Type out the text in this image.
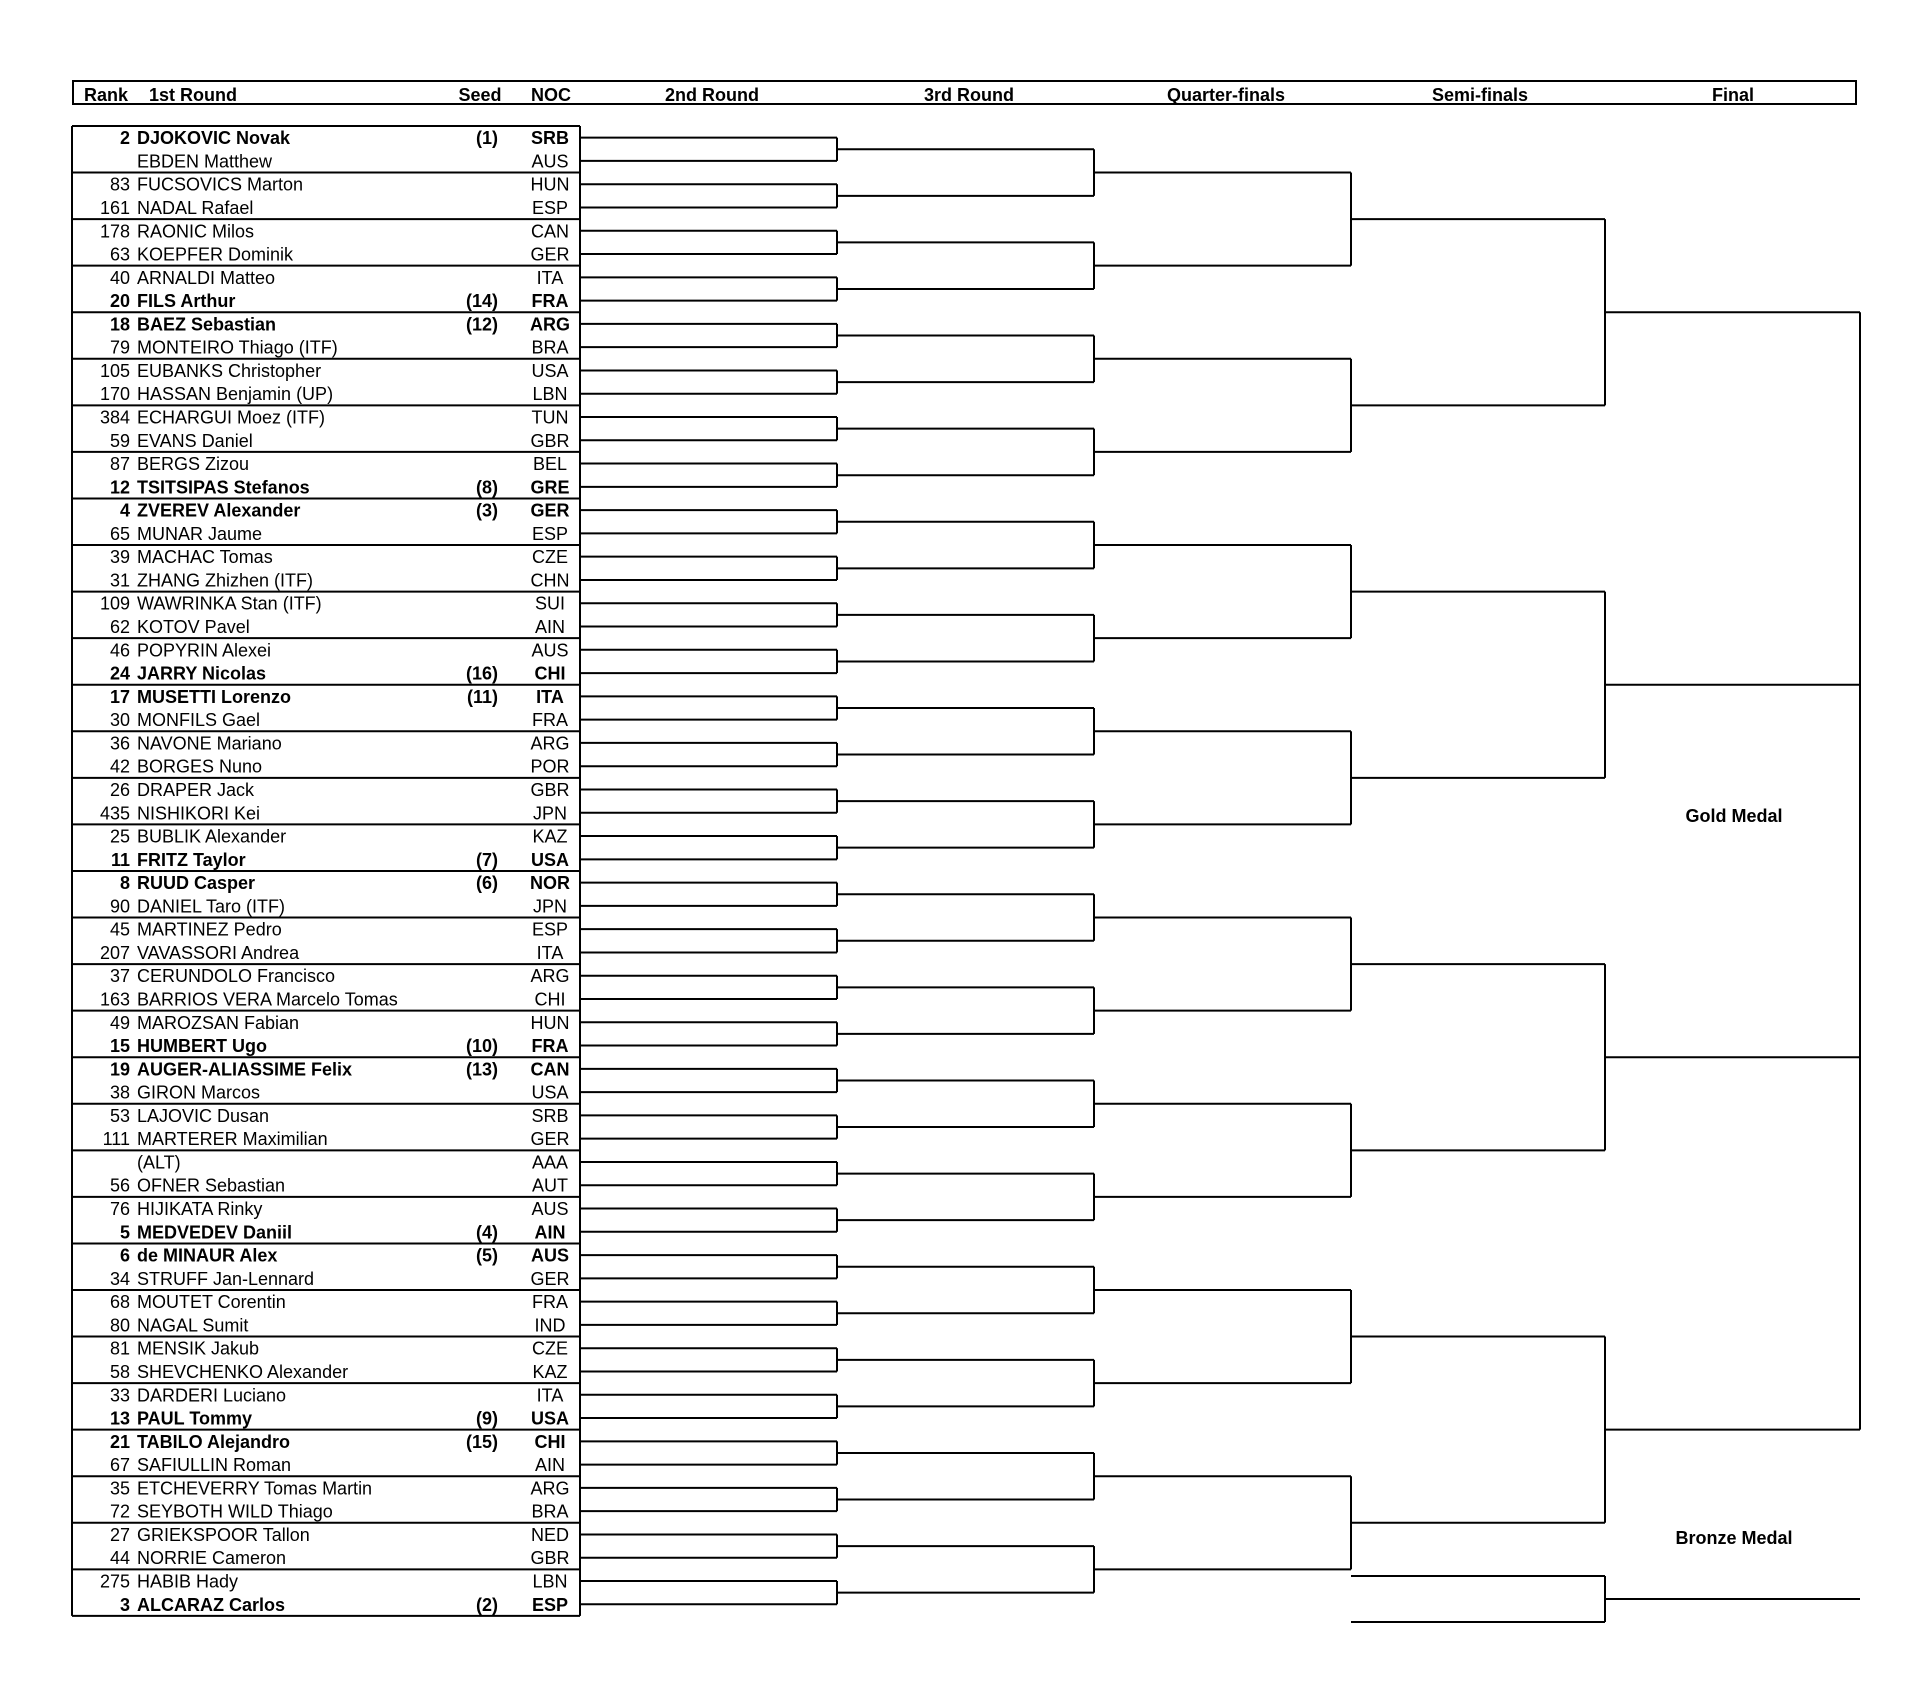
Rank 1st Round	Seed NOC	2nd Round	3rd Round	Quarter-finals	Semi-finals	Final
2 DJOKOVIC Novak	(1) SRB
EBDEN Matthew	AUS
83 FUCSOVICS Marton	HUN
161 NADAL Rafael	ESP
178 RAONIC Milos	CAN
63 KOEPFER Dominik	GER
40 ARNALDI Matteo	ITA
20 FILS Arthur	(14) FRA
18 BAEZ Sebastian	(12) ARG
79 MONTEIRO Thiago (ITF)	BRA
105 EUBANKS Christopher	USA
170 HASSAN Benjamin (UP)	LBN
384 ECHARGUI Moez (ITF)	TUN
59 EVANS Daniel	GBR
87 BERGS Zizou	BEL
12 TSITSIPAS Stefanos	(8) GRE
4 ZVEREV Alexander	(3) GER
65 MUNAR Jaume	ESP
39 MACHAC Tomas	CZE
31 ZHANG Zhizhen (ITF)	CHN
109 WAWRINKA Stan (ITF)	SUI
62 KOTOV Pavel	AIN
46 POPYRIN Alexei	AUS
24 JARRY Nicolas	(16) CHI
17 MUSETTI Lorenzo	(11) ITA
30 MONFILS Gael	FRA
36 NAVONE Mariano	ARG
42 BORGES Nuno	POR
26 DRAPER Jack	GBR
435 NISHIKORI Kei	JPN
25 BUBLIK Alexander	KAZ
11 FRITZ Taylor	(7) USA
8 RUUD Casper	(6) NOR
90 DANIEL Taro (ITF)	JPN
45 MARTINEZ Pedro	ESP
207 VAVASSORI Andrea	ITA
37 CERUNDOLO Francisco	ARG
163 BARRIOS VERA Marcelo Tomas	CHI
49 MAROZSAN Fabian	HUN
15 HUMBERT Ugo	(10) FRA
19 AUGER-ALIASSIME Felix	(13) CAN
38 GIRON Marcos	USA
53 LAJOVIC Dusan	SRB
111 MARTERER Maximilian	GER
(ALT)	AAA
56 OFNER Sebastian	AUT
76 HIJIKATA Rinky	AUS
5 MEDVEDEV Daniil	(4) AIN
6 de MINAUR Alex	(5) AUS
34 STRUFF Jan-Lennard	GER
68 MOUTET Corentin	FRA
80 NAGAL Sumit	IND
81 MENSIK Jakub	CZE
58 SHEVCHENKO Alexander	KAZ
33 DARDERI Luciano	ITA
13 PAUL Tommy	(9) USA
21 TABILO Alejandro	(15) CHI
67 SAFIULLIN Roman	AIN
35 ETCHEVERRY Tomas Martin	ARG
72 SEYBOTH WILD Thiago	BRA
27 GRIEKSPOOR Tallon	NED
44 NORRIE Cameron	GBR
275 HABIB Hady	LBN
3 ALCARAZ Carlos	(2) ESP
Gold Medal
Bronze Medal
